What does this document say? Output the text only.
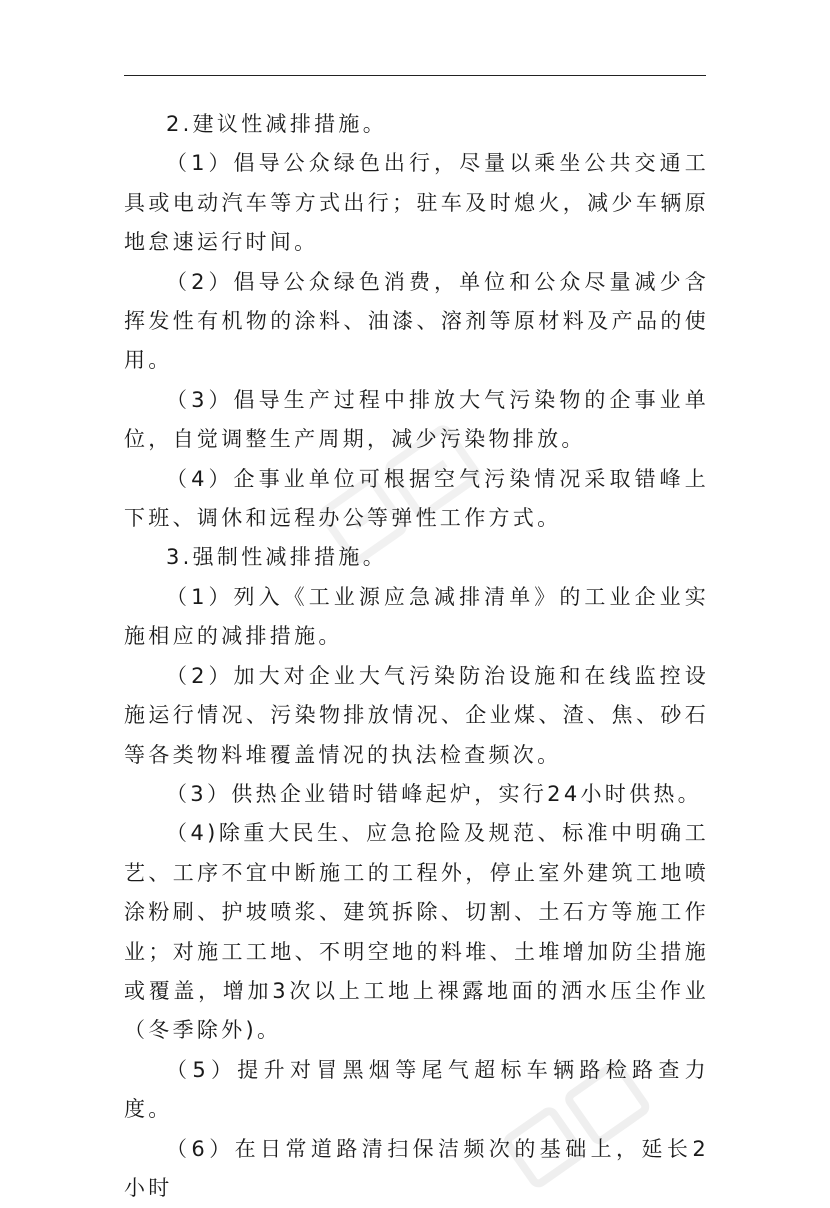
2.建议性减排措施。

（1）倡导公众绿色出行，尽量以乘坐公共交通工具或电动汽车等方式出行；驻车及时熄火，减少车辆原地怠速运行时间。

（2）倡导公众绿色消费，单位和公众尽量减少含挥发性有机物的涂料、油漆、溶剂等原材料及产品的使用。

（3）倡导生产过程中排放大气污染物的企事业单位，自觉调整生产周期，减少污染物排放。

（4）企事业单位可根据空气污染情况采取错峰上下班、调休和远程办公等弹性工作方式。

3.强制性减排措施。

（1）列入《工业源应急减排清单》的工业企业实施相应的减排措施。

（2）加大对企业大气污染防治设施和在线监控设施运行情况、污染物排放情况、企业煤、渣、焦、砂石等各类物料堆覆盖情况的执法检查频次。

（3）供热企业错时错峰起炉，实行24小时供热。

（4)除重大民生、应急抢险及规范、标准中明确工艺、工序不宜中断施工的工程外，停止室外建筑工地喷涂粉刷、护坡喷浆、建筑拆除、切割、土石方等施工作业；对施工工地、不明空地的料堆、土堆增加防尘措施或覆盖，增加3次以上工地上裸露地面的洒水压尘作业（冬季除外)。

（5）提升对冒黑烟等尾气超标车辆路检路查力度。

（6）在日常道路清扫保洁频次的基础上，延长2小时
